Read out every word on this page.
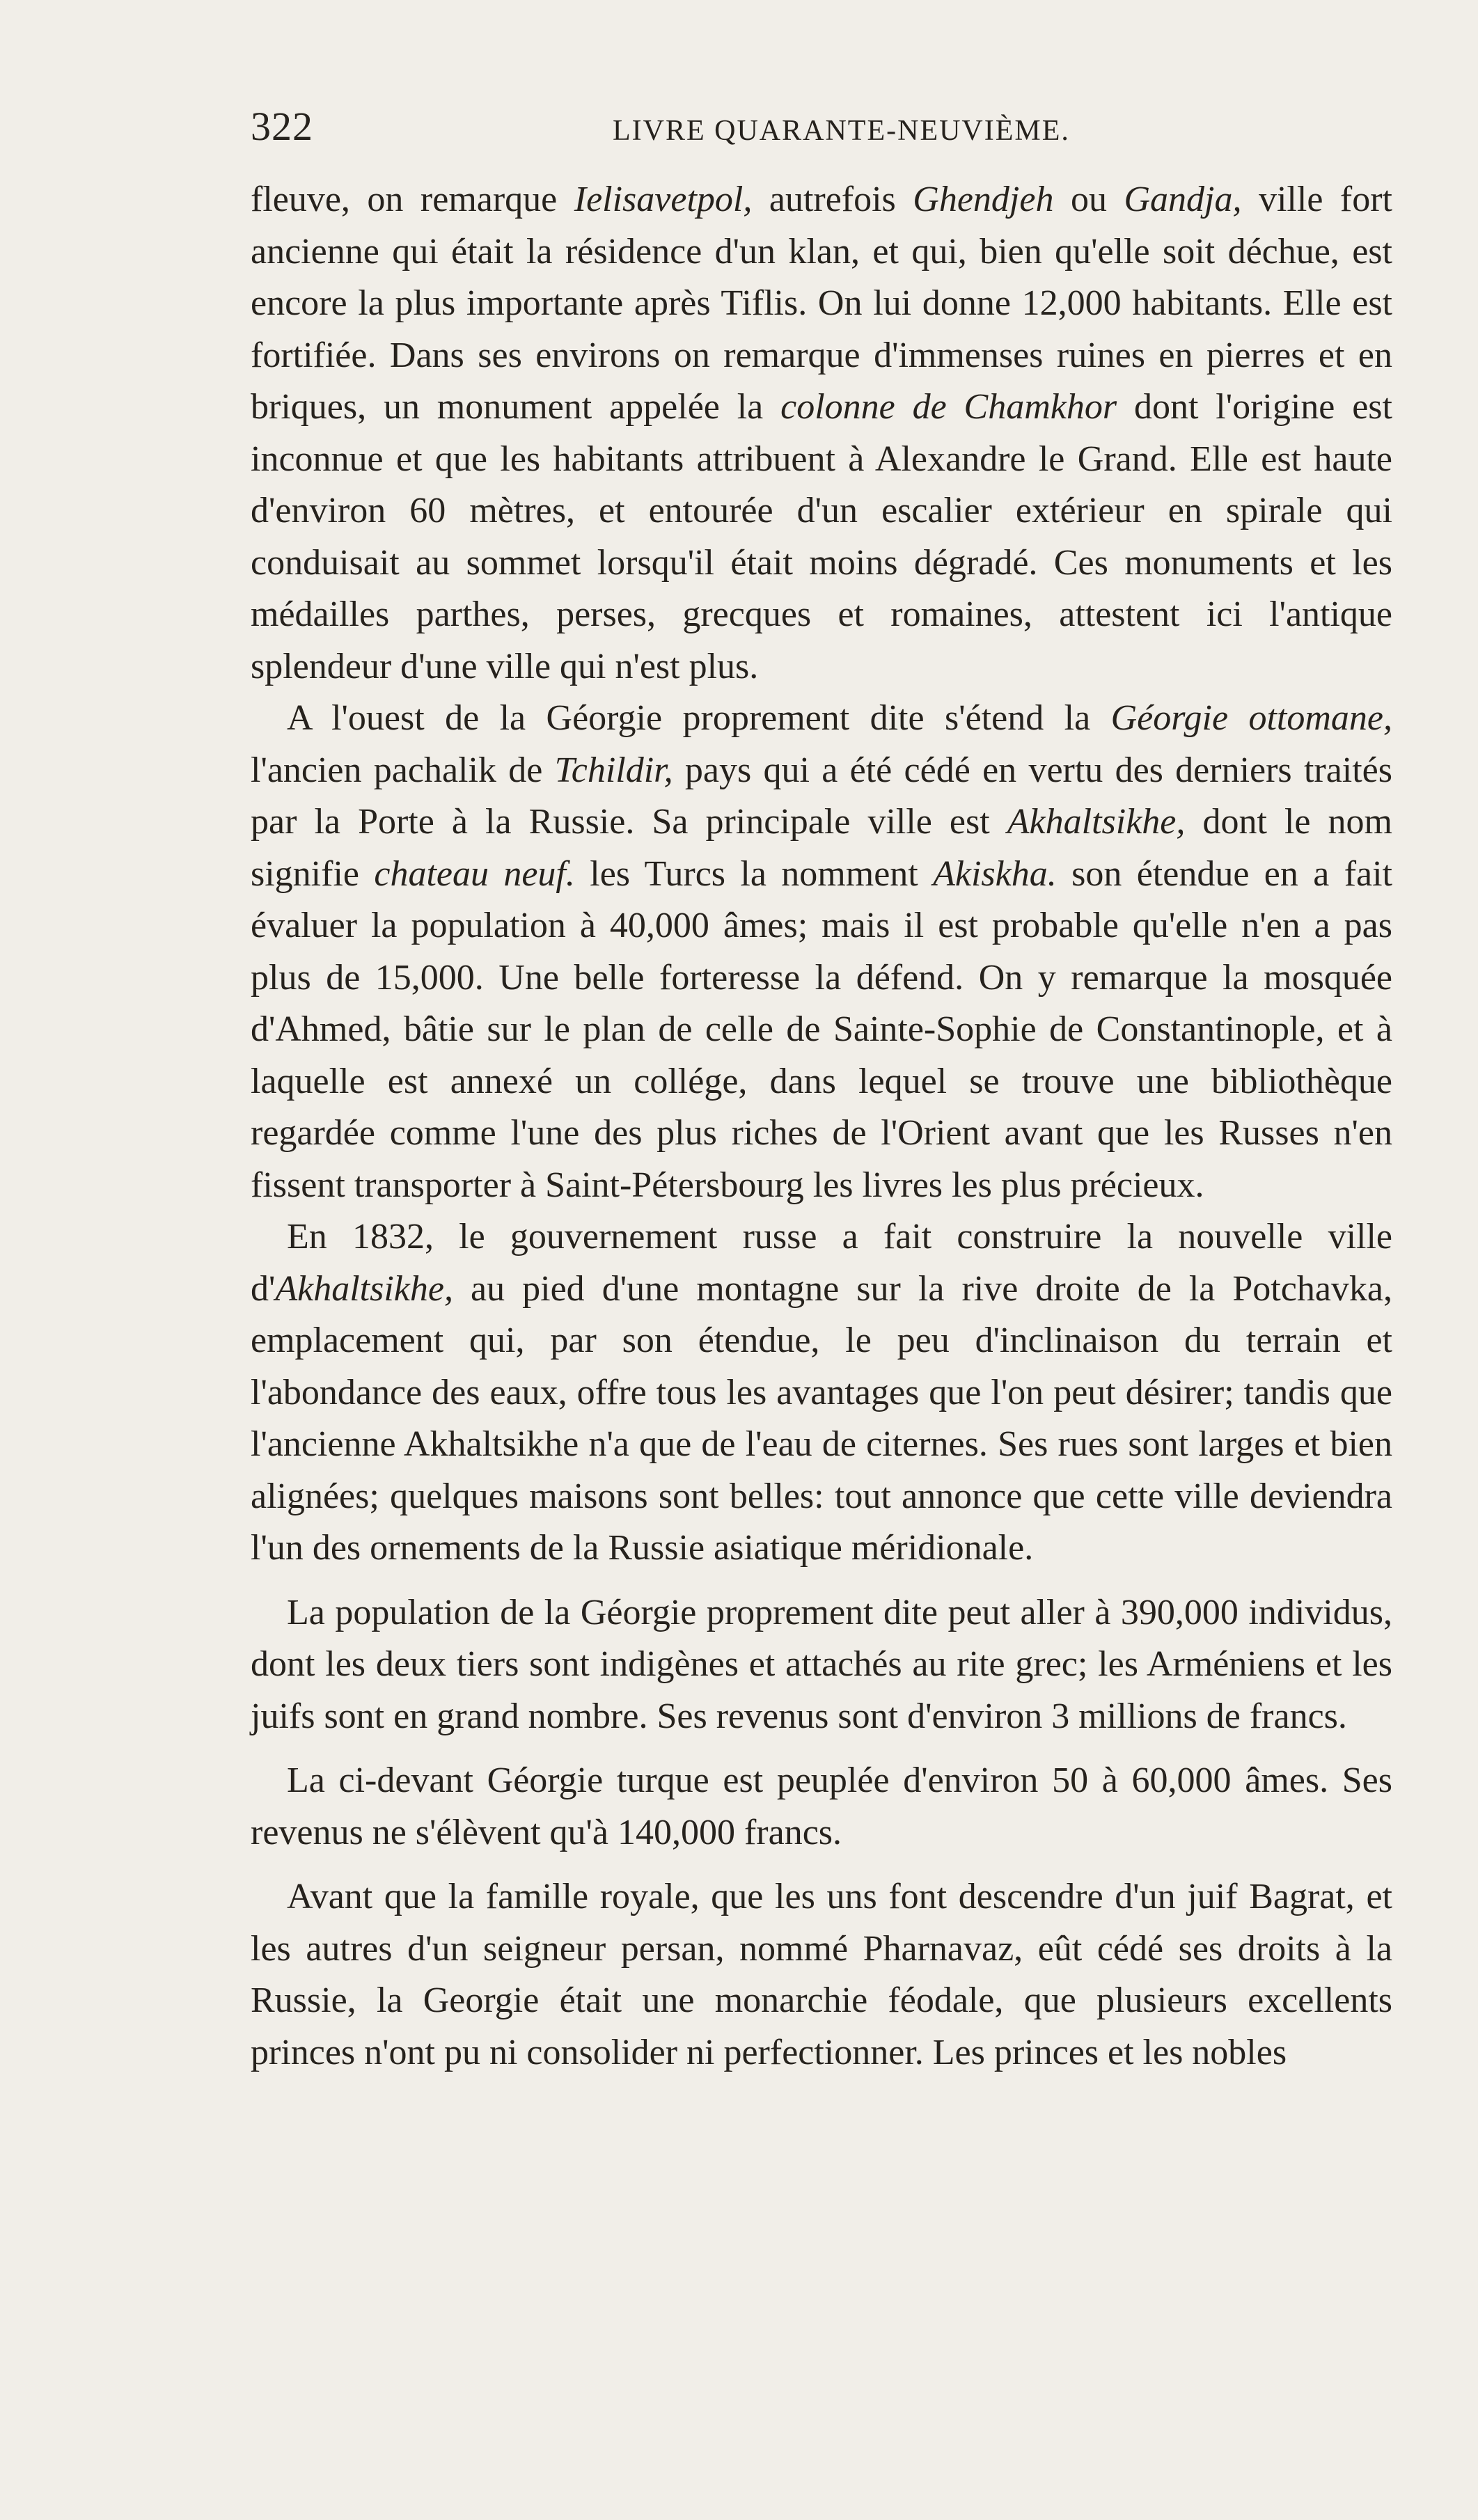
322	LIVRE QUARANTE-NEUVIÈME.

fleuve, on remarque Ielisavetpol, autrefois Ghendjeh ou Gandja, ville fort ancienne qui était la résidence d'un klan, et qui, bien qu'elle soit déchue, est encore la plus importante après Tiflis. On lui donne 12,000 habitants. Elle est fortifiée. Dans ses environs on remarque d'immenses ruines en pierres et en briques, un monument appelée la colonne de Chamkhor dont l'origine est inconnue et que les habitants attribuent à Alexandre le Grand. Elle est haute d'environ 60 mètres, et entourée d'un escalier extérieur en spirale qui conduisait au sommet lorsqu'il était moins dégradé. Ces monuments et les médailles parthes, perses, grecques et romaines, attestent ici l'antique splendeur d'une ville qui n'est plus.

A l'ouest de la Géorgie proprement dite s'étend la Géorgie ottomane, l'ancien pachalik de Tchildir, pays qui a été cédé en vertu des derniers traités par la Porte à la Russie. Sa principale ville est Akhaltsikhe, dont le nom signifie chateau neuf. les Turcs la nomment Akiskha. son étendue en a fait évaluer la population à 40,000 âmes; mais il est probable qu'elle n'en a pas plus de 15,000. Une belle forteresse la défend. On y remarque la mosquée d'Ahmed, bâtie sur le plan de celle de Sainte-Sophie de Constantinople, et à laquelle est annexé un collége, dans lequel se trouve une bibliothèque regardée comme l'une des plus riches de l'Orient avant que les Russes n'en fissent transporter à Saint-Pétersbourg les livres les plus précieux.

En 1832, le gouvernement russe a fait construire la nouvelle ville d'Akhaltsikhe, au pied d'une montagne sur la rive droite de la Potchavka, emplacement qui, par son étendue, le peu d'inclinaison du terrain et l'abondance des eaux, offre tous les avantages que l'on peut désirer; tandis que l'ancienne Akhaltsikhe n'a que de l'eau de citernes. Ses rues sont larges et bien alignées; quelques maisons sont belles: tout annonce que cette ville deviendra l'un des ornements de la Russie asiatique méridionale.

La population de la Géorgie proprement dite peut aller à 390,000 individus, dont les deux tiers sont indigènes et attachés au rite grec; les Arméniens et les juifs sont en grand nombre. Ses revenus sont d'environ 3 millions de francs.

La ci-devant Géorgie turque est peuplée d'environ 50 à 60,000 âmes. Ses revenus ne s'élèvent qu'à 140,000 francs.

Avant que la famille royale, que les uns font descendre d'un juif Bagrat, et les autres d'un seigneur persan, nommé Pharnavaz, eût cédé ses droits à la Russie, la Georgie était une monarchie féodale, que plusieurs excellents princes n'ont pu ni consolider ni perfectionner. Les princes et les nobles
